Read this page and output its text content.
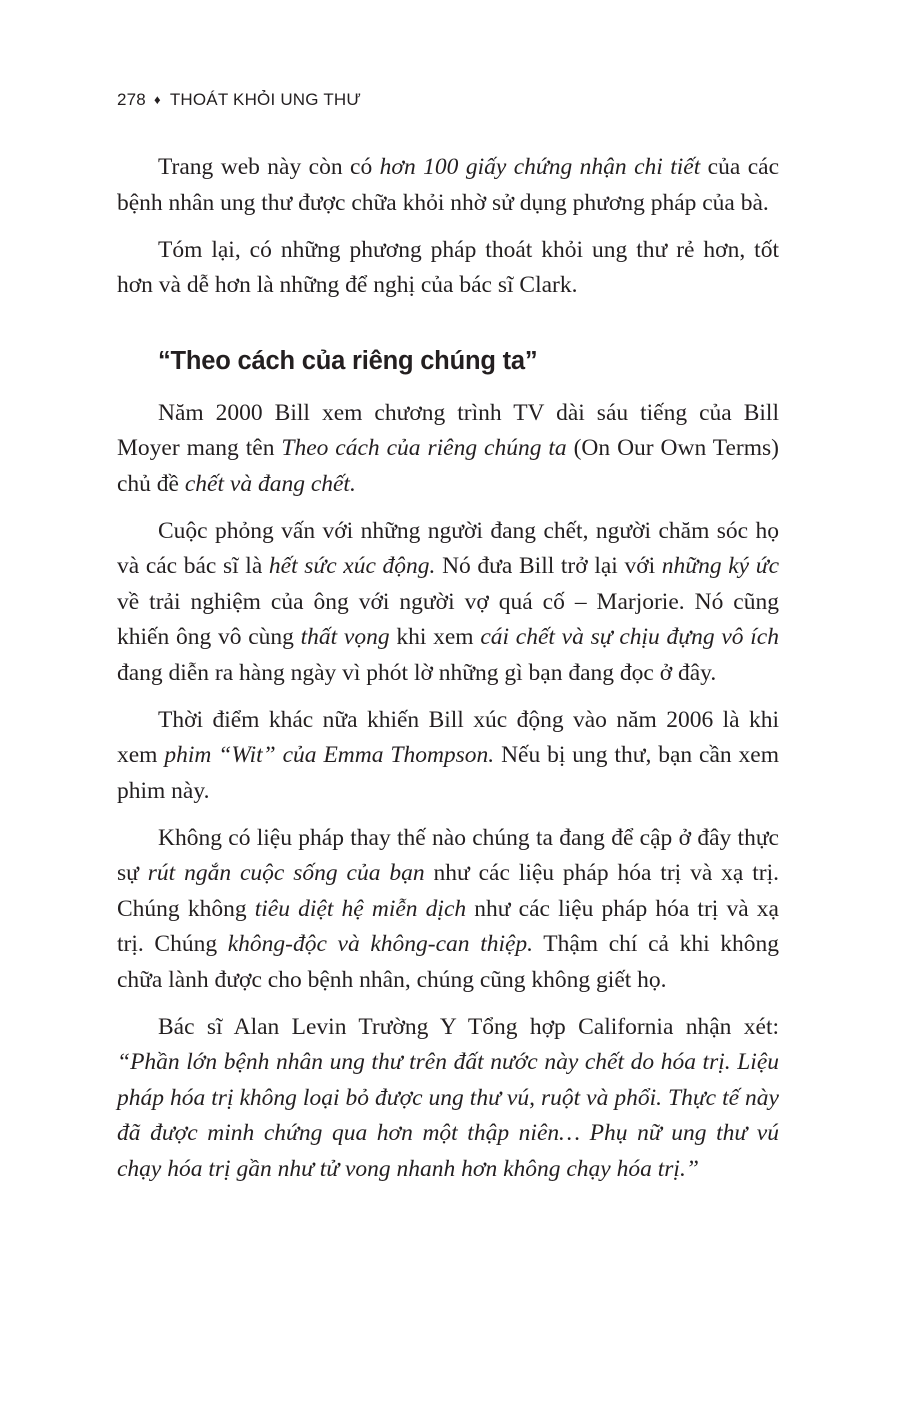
278 ♦ THOÁT KHỎI UNG THƯ

Trang web này còn có hơn 100 giấy chứng nhận chi tiết của các bệnh nhân ung thư được chữa khỏi nhờ sử dụng phương pháp của bà.

Tóm lại, có những phương pháp thoát khỏi ung thư rẻ hơn, tốt hơn và dễ hơn là những để nghị của bác sĩ Clark.

“Theo cách của riêng chúng ta”

Năm 2000 Bill xem chương trình TV dài sáu tiếng của Bill Moyer mang tên Theo cách của riêng chúng ta (On Our Own Terms) chủ đề chết và đang chết.

Cuộc phỏng vấn với những người đang chết, người chăm sóc họ và các bác sĩ là hết sức xúc động. Nó đưa Bill trở lại với những ký ức về trải nghiệm của ông với người vợ quá cố – Marjorie. Nó cũng khiến ông vô cùng thất vọng khi xem cái chết và sự chịu đựng vô ích đang diễn ra hàng ngày vì phót lờ những gì bạn đang đọc ở đây.

Thời điểm khác nữa khiến Bill xúc động vào năm 2006 là khi xem phim “Wit” của Emma Thompson. Nếu bị ung thư, bạn cần xem phim này.

Không có liệu pháp thay thế nào chúng ta đang để cập ở đây thực sự rút ngắn cuộc sống của bạn như các liệu pháp hóa trị và xạ trị. Chúng không tiêu diệt hệ miễn dịch như các liệu pháp hóa trị và xạ trị. Chúng không-độc và không-can thiệp. Thậm chí cả khi không chữa lành được cho bệnh nhân, chúng cũng không giết họ.

Bác sĩ Alan Levin Trường Y Tổng hợp California nhận xét: “Phần lớn bệnh nhân ung thư trên đất nước này chết do hóa trị. Liệu pháp hóa trị không loại bỏ được ung thư vú, ruột và phổi. Thực tế này đã được minh chứng qua hơn một thập niên… Phụ nữ ung thư vú chạy hóa trị gần như tử vong nhanh hơn không chạy hóa trị.”
